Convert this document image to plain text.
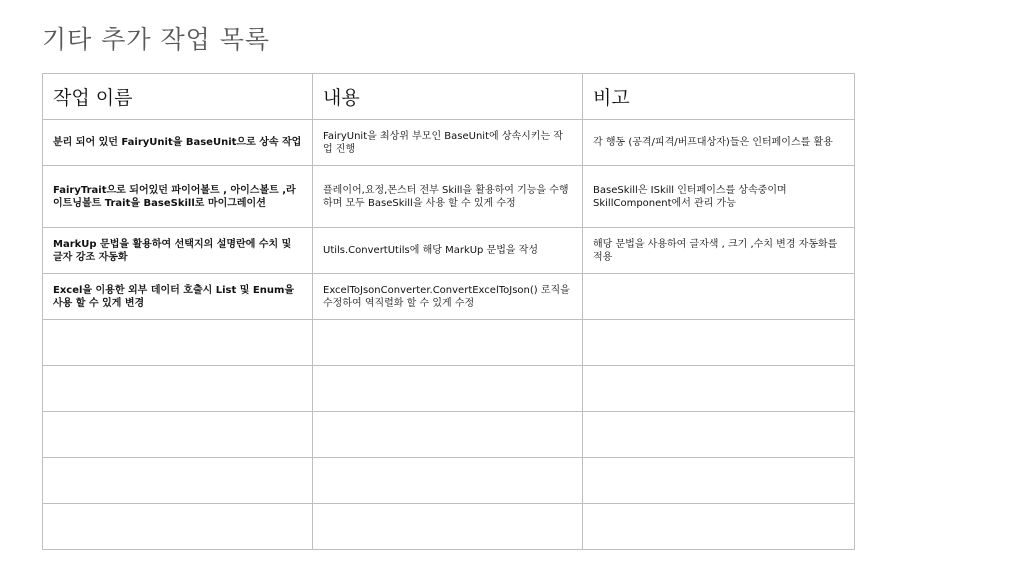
기타 추가 작업 목록
작업 이름	내용	비고
분리 되어 있던 FairyUnit을 BaseUnit으로 상속 작업	FairyUnit을 최상위 부모인 BaseUnit에 상속시키는 작업 진행	각 행동 (공격/피격/버프대상자)들은 인터페이스를 활용
FairyTrait으로 되어있던 파이어볼트 , 아이스볼트 ,라이트닝볼트 Trait을 BaseSkill로 마이그레이션	플레이어,요정,몬스터 전부 Skill을 활용하여 기능을 수행하며 모두 BaseSkill을 사용 할 수 있게 수정	BaseSkill은 ISkill 인터페이스를 상속중이며 SkillComponent에서 관리 가능
MarkUp 문법을 활용하여 선택지의 설명란에 수치 및 글자 강조 자동화	Utils.ConvertUtils에 해당 MarkUp 문법을 작성	해당 문법을 사용하여 글자색 , 크기 ,수치 변경 자동화를 적용
Excel을 이용한 외부 데이터 호출시 List 및 Enum을 사용 할 수 있게 변경	ExcelToJsonConverter.ConvertExcelToJson() 로직을 수정하여 역직렬화 할 수 있게 수정	
